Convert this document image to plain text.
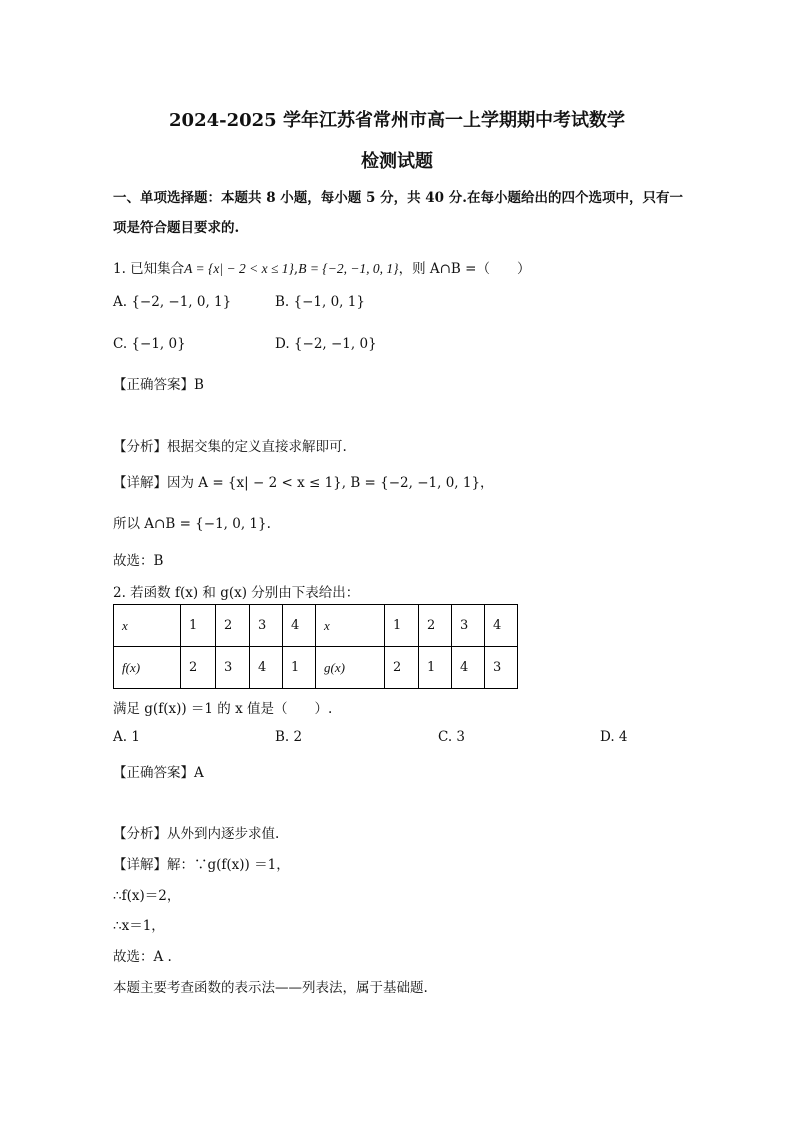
2024-2025 学年江苏省常州市高一上学期期中考试数学
检测试题
一、单项选择题：本题共 8 小题，每小题 5 分，共 40 分.在每小题给出的四个选项中，只有一
项是符合题目要求的.
1. 已知集合A = {x| − 2 < x ≤ 1},B = {−2, −1, 0, 1}，则 A∩B =（　　）
A. {−2, −1, 0, 1}	B. {−1, 0, 1}
C. {−1, 0}	D. {−2, −1, 0}
【正确答案】B
【分析】根据交集的定义直接求解即可.
【详解】因为 A = {x| − 2 < x ≤ 1}, B = {−2, −1, 0, 1}，
所以 A∩B = {−1, 0, 1}.
故选：B
2. 若函数 f(x) 和 g(x) 分别由下表给出：
x	1	2	3	4	x	1	2	3	4
f(x)	2	3	4	1	g(x)	2	1	4	3
满足 g(f(x)) ＝1 的 x 值是（　　）.
A. 1	B. 2	C. 3	D. 4
【正确答案】A
【分析】从外到内逐步求值.
【详解】解：∵g(f(x)) ＝1，
∴f(x)＝2，
∴x＝1，
故选：A .
本题主要考查函数的表示法——列表法，属于基础题.
